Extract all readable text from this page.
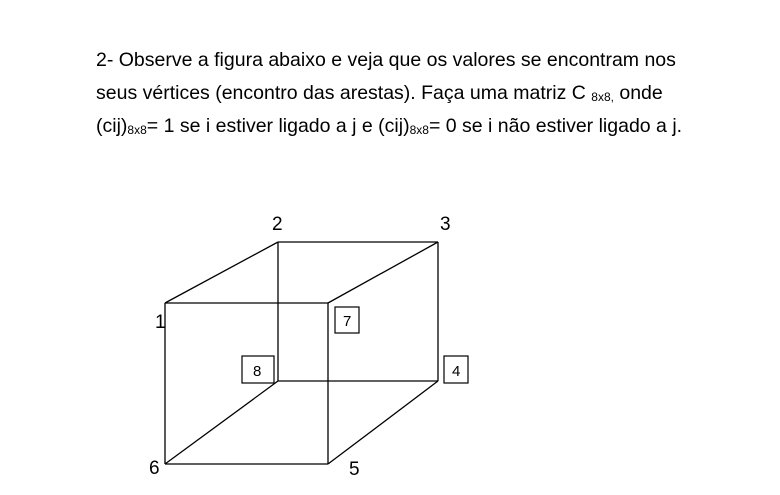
2- Observe a figura abaixo e veja que os valores se encontram nos
seus vértices (encontro das arestas). Faça uma matriz C $_{8x8,}$ onde
$(cij)_{8x8}= 1$ se i estiver ligado a j e $(cij)_{8x8}= 0$ se i não estiver ligado a j.
2	3
1
6	5
7
8	4
